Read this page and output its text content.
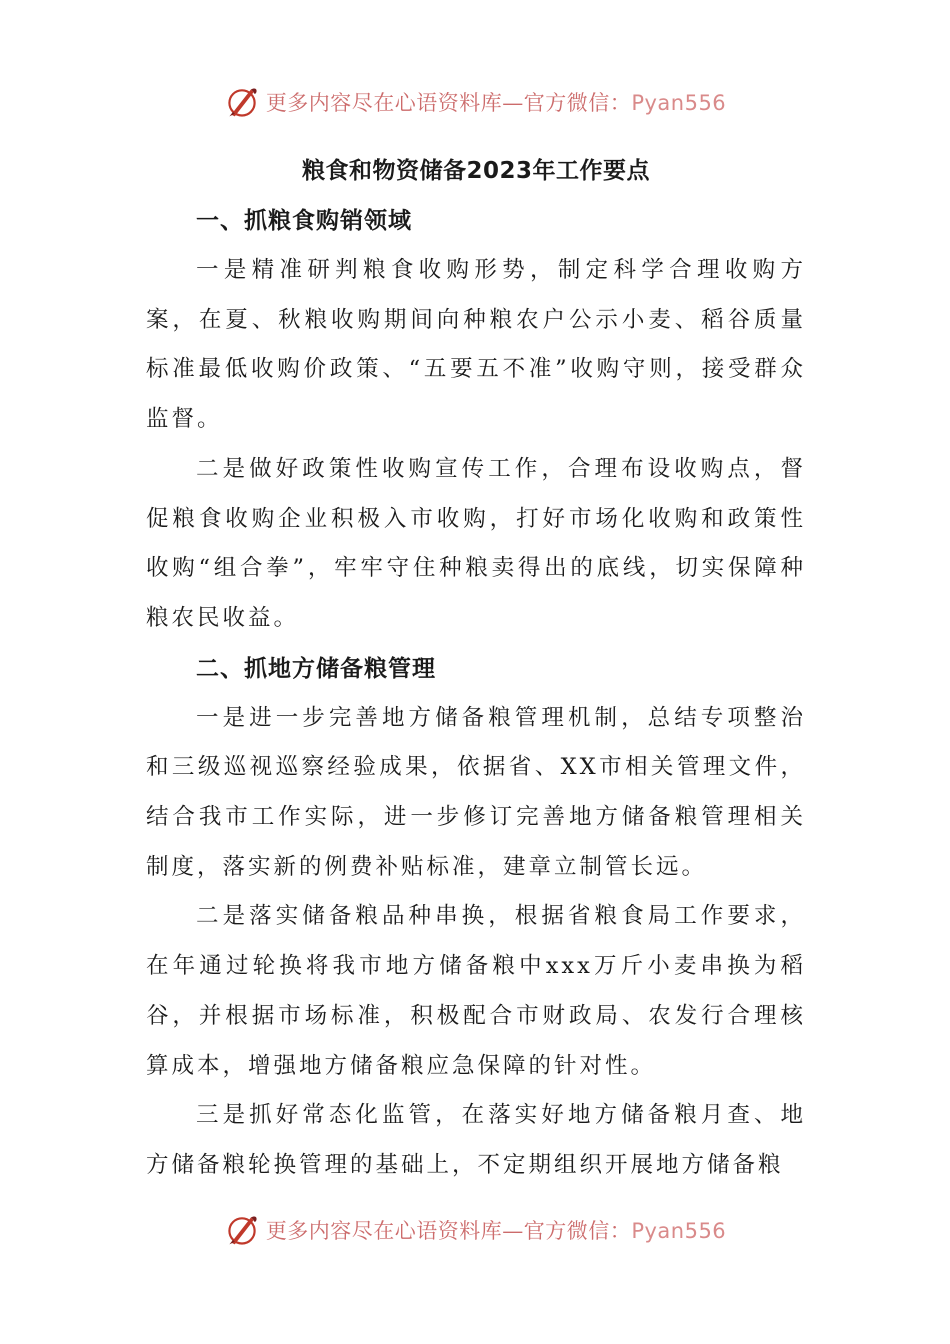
更多内容尽在心语资料库—官方微信：Pyan556
粮食和物资储备2023年工作要点
一、抓粮食购销领域

一是精准研判粮食收购形势，制定科学合理收购方案，在夏、秋粮收购期间向种粮农户公示小麦、稻谷质量标准最低收购价政策、“五要五不准”收购守则，接受群众监督。

二是做好政策性收购宣传工作，合理布设收购点，督促粮食收购企业积极入市收购，打好市场化收购和政策性收购“组合拳”，牢牢守住种粮卖得出的底线，切实保障种粮农民收益。

二、抓地方储备粮管理

一是进一步完善地方储备粮管理机制，总结专项整治和三级巡视巡察经验成果，依据省、XX市相关管理文件，结合我市工作实际，进一步修订完善地方储备粮管理相关制度，落实新的例费补贴标准，建章立制管长远。

二是落实储备粮品种串换，根据省粮食局工作要求，在年通过轮换将我市地方储备粮中xxx万斤小麦串换为稻谷，并根据市场标准，积极配合市财政局、农发行合理核算成本，增强地方储备粮应急保障的针对性。

三是抓好常态化监管，在落实好地方储备粮月查、地方储备粮轮换管理的基础上，不定期组织开展地方储备粮

更多内容尽在心语资料库—官方微信：Pyan556
